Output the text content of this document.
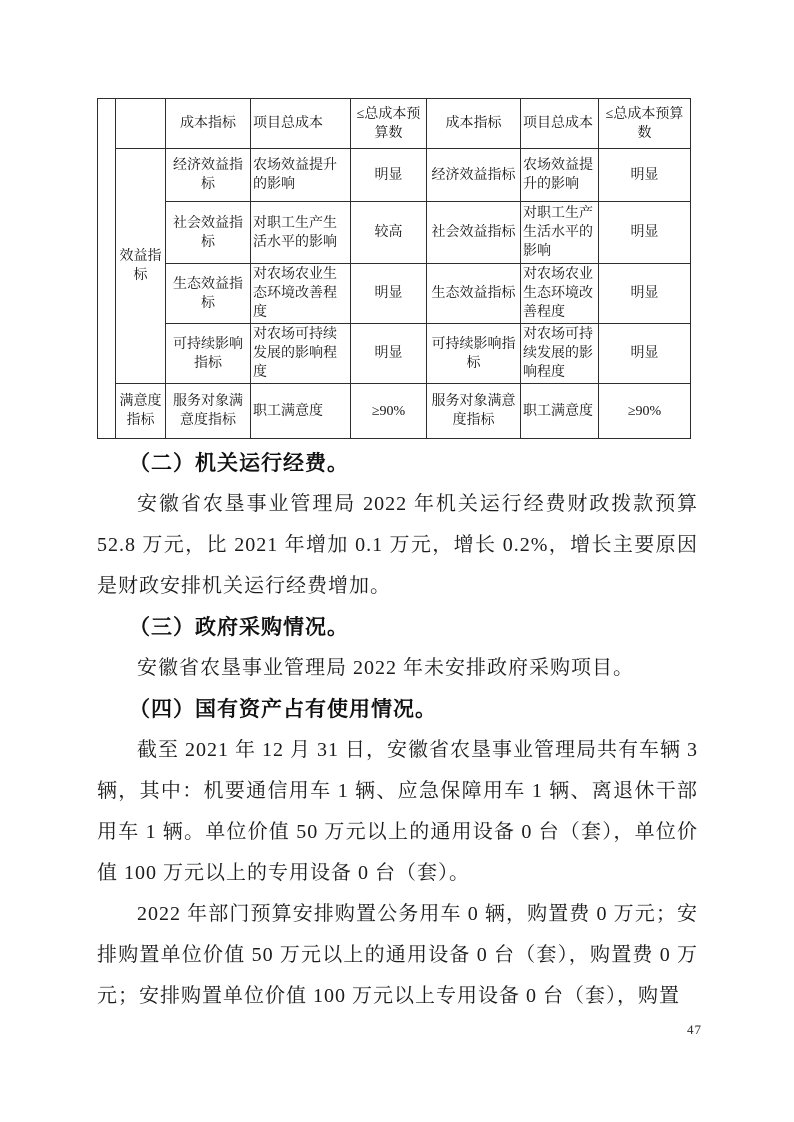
		成本指标	项目总成本	≤总成本预算数	成本指标	项目总成本	≤总成本预算数
	效益指标	经济效益指标	农场效益提升的影响	明显	经济效益指标	农场效益提升的影响	明显
		社会效益指标	对职工生产生活水平的影响	较高	社会效益指标	对职工生产生活水平的影响	明显
		生态效益指标	对农场农业生态环境改善程度	明显	生态效益指标	对农场农业生态环境改善程度	明显
		可持续影响指标	对农场可持续发展的影响程度	明显	可持续影响指标	对农场可持续发展的影响程度	明显
	满意度指标	服务对象满意度指标	职工满意度	≥90%	服务对象满意度指标	职工满意度	≥90%
（二）机关运行经费。

安徽省农垦事业管理局 2022 年机关运行经费财政拨款预算 52.8 万元，比 2021 年增加 0.1 万元，增长 0.2%，增长主要原因是财政安排机关运行经费增加。

（三）政府采购情况。

安徽省农垦事业管理局 2022 年未安排政府采购项目。

（四）国有资产占有使用情况。

截至 2021 年 12 月 31 日，安徽省农垦事业管理局共有车辆 3 辆，其中：机要通信用车 1 辆、应急保障用车 1 辆、离退休干部用车 1 辆。单位价值 50 万元以上的通用设备 0 台（套），单位价值 100 万元以上的专用设备 0 台（套）。

2022 年部门预算安排购置公务用车 0 辆，购置费 0 万元；安排购置单位价值 50 万元以上的通用设备 0 台（套），购置费 0 万元；安排购置单位价值 100 万元以上专用设备 0 台（套），购置

47
